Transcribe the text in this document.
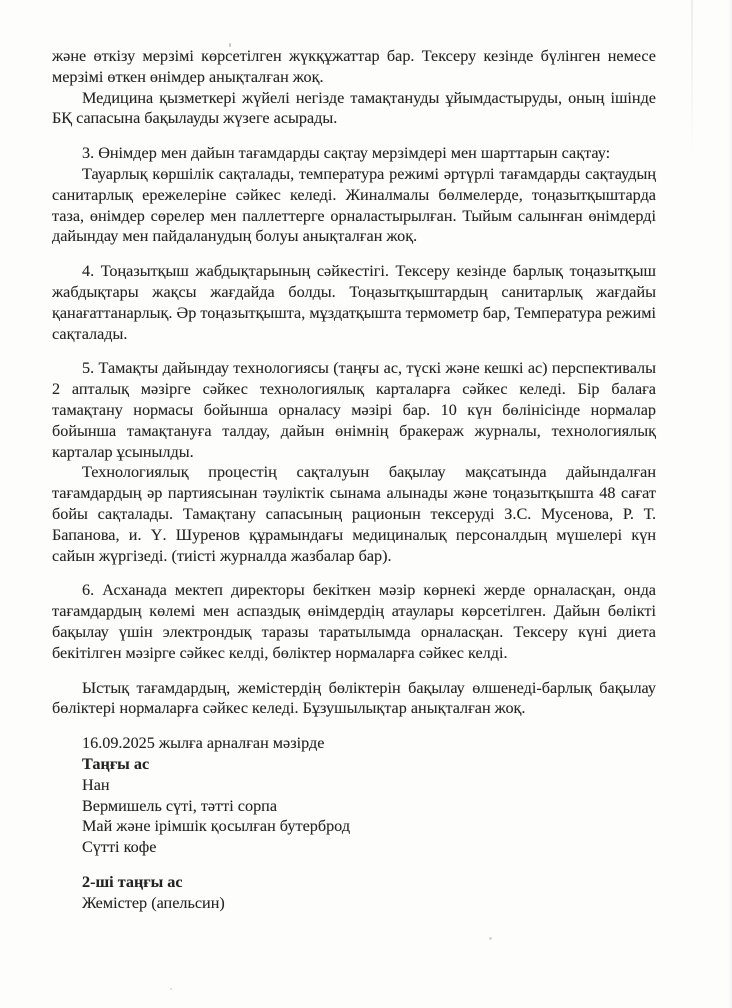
және өткізу мерзімі көрсетілген жүкқұжаттар бар. Тексеру кезінде бүлінген немесе мерзімі өткен өнімдер анықталған жоқ.

Медицина қызметкері жүйелі негізде тамақтануды ұйымдастыруды, оның ішінде БҚ сапасына бақылауды жүзеге асырады.

3. Өнімдер мен дайын тағамдарды сақтау мерзімдері мен шарттарын сақтау:

Тауарлық көршілік сақталады, температура режимі әртүрлі тағамдарды сақтаудың санитарлық ережелеріне сәйкес келеді. Жиналмалы бөлмелерде, тоңазытқыштарда таза, өнімдер сөрелер мен паллеттерге орналастырылған. Тыйым салынған өнімдерді дайындау мен пайдаланудың болуы анықталған жоқ.

4. Тоңазытқыш жабдықтарының сәйкестігі. Тексеру кезінде барлық тоңазытқыш жабдықтары жақсы жағдайда болды. Тоңазытқыштардың санитарлық жағдайы қанағаттанарлық. Әр тоңазытқышта, мұздатқышта термометр бар, Температура режимі сақталады.

5. Тамақты дайындау технологиясы (таңғы ас, түскі және кешкі ас) перспективалы 2 апталық мәзірге сәйкес технологиялық карталарға сәйкес келеді. Бір балаға тамақтану нормасы бойынша орналасу мәзірі бар. 10 күн бөлінісінде нормалар бойынша тамақтануға талдау, дайын өнімнің бракераж журналы, технологиялық карталар ұсынылды.

Технологиялық процестің сақталуын бақылау мақсатында дайындалған тағамдардың әр партиясынан тәуліктік сынама алынады және тоңазытқышта 48 сағат бойы сақталады. Тамақтану сапасының рационын тексеруді З.С. Мусенова, Р. Т. Бапанова, и. Ү. Шуренов құрамындағы медициналық персоналдың мүшелері күн сайын жүргізеді. (тиісті журналда жазбалар бар).

6. Асханада мектеп директоры бекіткен мәзір көрнекі жерде орналасқан, онда тағамдардың көлемі мен аспаздық өнімдердің атаулары көрсетілген. Дайын бөлікті бақылау үшін электрондық таразы таратылымда орналасқан. Тексеру күні диета бекітілген мәзірге сәйкес келді, бөліктер нормаларға сәйкес келді.

Ыстық тағамдардың, жемістердің бөліктерін бақылау өлшенеді-барлық бақылау бөліктері нормаларға сәйкес келеді. Бұзушылықтар анықталған жоқ.

16.09.2025 жылға арналған мәзірде

Таңғы ас

Нан

Вермишель сүті, тәтті сорпа

Май және ірімшік қосылған бутерброд

Сүтті кофе

2-ші таңғы ас

Жемістер (апельсин)
